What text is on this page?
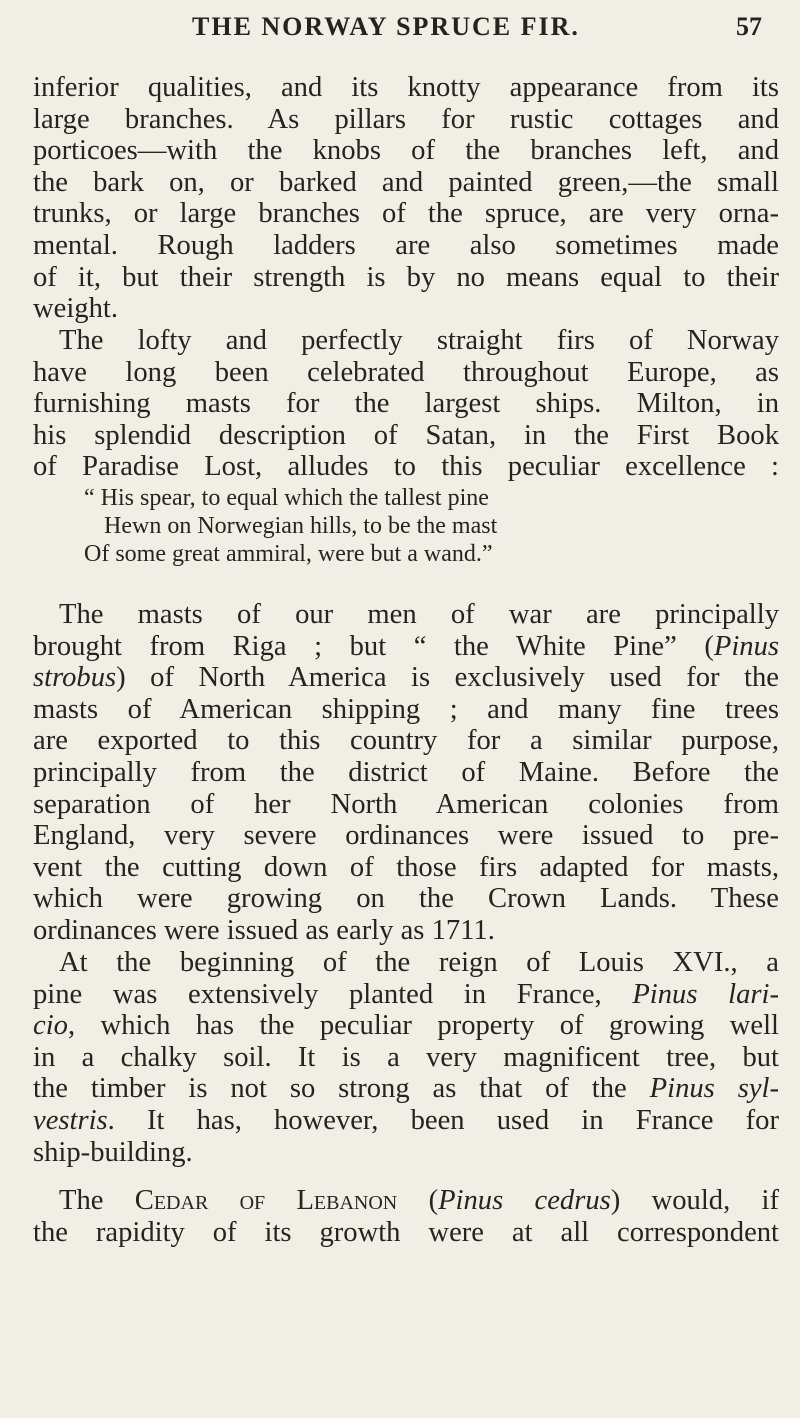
THE NORWAY SPRUCE FIR.	57
inferior qualities, and its knotty appearance from its
large branches. As pillars for rustic cottages and
porticoes—with the knobs of the branches left, and
the bark on, or barked and painted green,—the small
trunks, or large branches of the spruce, are very orna-
mental. Rough ladders are also sometimes made
of it, but their strength is by no means equal to their
weight.
The lofty and perfectly straight firs of Norway
have long been celebrated throughout Europe, as
furnishing masts for the largest ships. Milton, in
his splendid description of Satan, in the First Book
of Paradise Lost, alludes to this peculiar excellence :
“ His spear, to equal which the tallest pine
Hewn on Norwegian hills, to be the mast
Of some great ammiral, were but a wand.”
The masts of our men of war are principally
brought from Riga ; but “ the White Pine” (Pinus
strobus) of North America is exclusively used for the
masts of American shipping ; and many fine trees
are exported to this country for a similar purpose,
principally from the district of Maine. Before the
separation of her North American colonies from
England, very severe ordinances were issued to pre-
vent the cutting down of those firs adapted for masts,
which were growing on the Crown Lands. These
ordinances were issued as early as 1711.
At the beginning of the reign of Louis XVI., a
pine was extensively planted in France, Pinus lari-
cio, which has the peculiar property of growing well
in a chalky soil. It is a very magnificent tree, but
the timber is not so strong as that of the Pinus syl-
vestris. It has, however, been used in France for
ship-building.
The Cedar of Lebanon (Pinus cedrus) would, if
the rapidity of its growth were at all correspondent
